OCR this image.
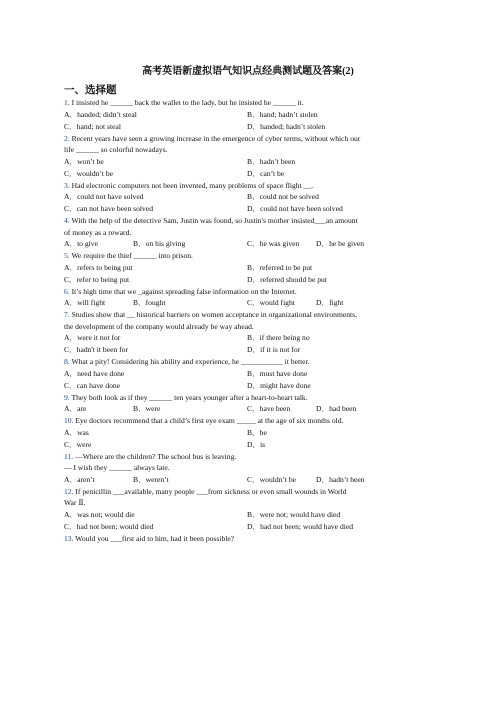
高考英语新虚拟语气知识点经典测试题及答案(2)
一、选择题
1. I insisted he ______ back the wallet to the lady, but he insisted he ______ it.
A．handed; didn’t steal	B．hand; hadn’t stolen
C．hand; not steal	D．handed; hadn’t stolen
2. Recent years have seen a growing increase in the emergence of cyber terms, without which our
life ______ so colorful nowadays.
A．won’t be	B．hadn’t been
C．wouldn’t be	D．can’t be
3. Had electronic computers not been invented, many problems of space flight __.
A．could not have solved	B．could not be solved
C．can not have been solved	D．could not have been solved
4. With the help of the detective Sam, Justin was found, so Justin's mother insisted___an amount
of money as a reward.
A．to give	B．on his giving	C．he was given D．he be given
5. We require the thief ______ into prison.
A．refers to being put	B．referred to be put
C．refer to being put	D．referred should be put
6. It’s high time that we _against spreading false information on the Internet.
A．will fight	B．fought	C．would fight	D．fight
7. Studies show that __ historical barriers on women acceptance in organizational environments,
the development of the company would already be way ahead.
A．were it not for	B．if there being no
C．hadn't it been for	D．if it is not for
8. What a pity! Considering his ability and experience, he ___________ it better.
A．need have done	B．must have done
C．can have done	D．might have done
9. They both look as if they ______ ten years younger after a heart-to-heart talk.
A．are	B．were	C．have been	D．had been
10. Eye doctors recommend that a child’s first eye exam _____ at the age of six months old.
A．was	B．be
C．were	D．is
11. —Where are the children? The school bus is leaving.
— I wish they ______ always late.
A．aren’t	B．weren’t	C．wouldn’t be	D．hadn’t been
12. If penicillin ___available, many people ___from sickness or even small wounds in World
War Ⅱ.
A．was not; would die	B．were not; would have died
C．had not been; would died	D．had not been; would have died
13. Would you ___first aid to him, had it been possible?
